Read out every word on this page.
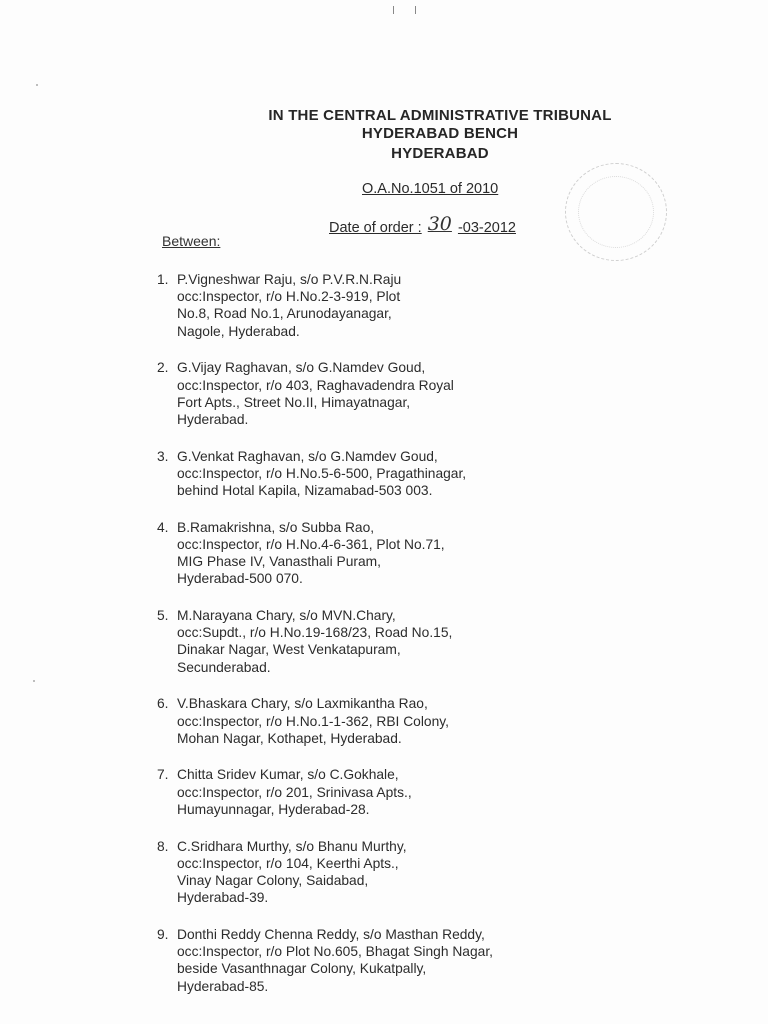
IN THE CENTRAL ADMINISTRATIVE TRIBUNAL
HYDERABAD BENCH
HYDERABAD
O.A.No.1051 of 2010
Date of order : 30 -03-2012
Between:
1. P.Vigneshwar Raju, s/o P.V.R.N.Raju
occ:Inspector, r/o H.No.2-3-919, Plot
No.8, Road No.1, Arunodayanagar,
Nagole, Hyderabad.
2. G.Vijay Raghavan, s/o G.Namdev Goud,
occ:Inspector, r/o 403, Raghavadendra Royal
Fort Apts., Street No.II, Himayatnagar,
Hyderabad.
3. G.Venkat Raghavan, s/o G.Namdev Goud,
occ:Inspector, r/o H.No.5-6-500, Pragathinagar,
behind Hotal Kapila, Nizamabad-503 003.
4. B.Ramakrishna, s/o Subba Rao,
occ:Inspector, r/o H.No.4-6-361, Plot No.71,
MIG Phase IV, Vanasthali Puram,
Hyderabad-500 070.
5. M.Narayana Chary, s/o MVN.Chary,
occ:Supdt., r/o H.No.19-168/23, Road No.15,
Dinakar Nagar, West Venkatapuram,
Secunderabad.
6. V.Bhaskara Chary, s/o Laxmikantha Rao,
occ:Inspector, r/o H.No.1-1-362, RBI Colony,
Mohan Nagar, Kothapet, Hyderabad.
7. Chitta Sridev Kumar, s/o C.Gokhale,
occ:Inspector, r/o 201, Srinivasa Apts.,
Humayunnagar, Hyderabad-28.
8. C.Sridhara Murthy, s/o Bhanu Murthy,
occ:Inspector, r/o 104, Keerthi Apts.,
Vinay Nagar Colony, Saidabad,
Hyderabad-39.
9. Donthi Reddy Chenna Reddy, s/o Masthan Reddy,
occ:Inspector, r/o Plot No.605, Bhagat Singh Nagar,
beside Vasanthnagar Colony, Kukatpally,
Hyderabad-85.
